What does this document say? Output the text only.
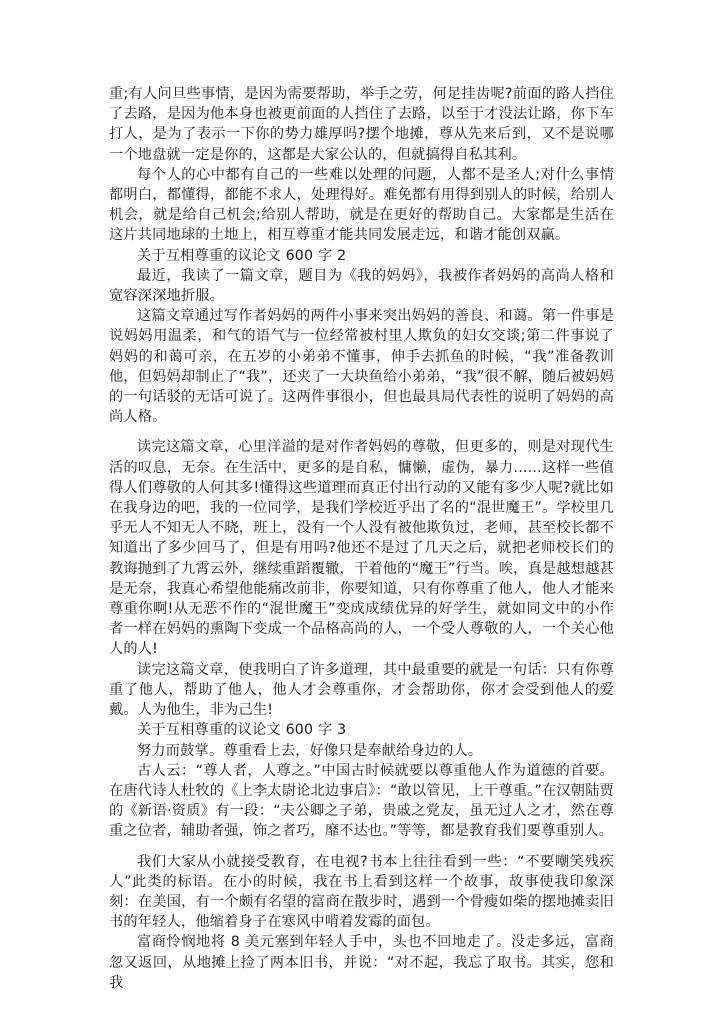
重;有人问旦些事情，是因为需要帮助，举手之劳，何足挂齿呢?前面的路人挡住了去路，是因为他本身也被更前面的人挡住了去路，以至于才没法让路，你下车打人，是为了表示一下你的势力雄厚吗?摆个地摊，尊从先来后到，又不是说哪一个地盘就一定是你的，这都是大家公认的，但就搞得自私其利。

每个人的心中都有自己的一些难以处理的问题，人都不是圣人;对什么事情都明白，都懂得，都能不求人，处理得好。难免都有用得到别人的时候，给别人机会，就是给自己机会;给别人帮助，就是在更好的帮助自己。大家都是生活在这片共同地球的土地上，相互尊重才能共同发展走远，和谐才能创双赢。

关于互相尊重的议论文 600 字 2

最近，我读了一篇文章，题目为《我的妈妈》，我被作者妈妈的高尚人格和宽容深深地折服。

这篇文章通过写作者妈妈的两件小事来突出妈妈的善良、和蔼。第一件事是说妈妈用温柔，和气的语气与一位经常被村里人欺负的妇女交谈;第二件事说了妈妈的和蔼可亲，在五岁的小弟弟不懂事，伸手去抓鱼的时候，“我”准备教训他，但妈妈却制止了“我”，还夹了一大块鱼给小弟弟，“我”很不解，随后被妈妈的一句话驳的无话可说了。这两件事很小，但也最具局代表性的说明了妈妈的高尚人格。

读完这篇文章，心里洋溢的是对作者妈妈的尊敬，但更多的，则是对现代生活的叹息，无奈。在生活中，更多的是自私，慵懒，虚伪，暴力......这样一些值得人们尊敬的人何其多!懂得这些道理而真正付出行动的又能有多少人呢?就比如在我身边的吧，我的一位同学，是我们学校近乎出了名的“混世魔王”。学校里几乎无人不知无人不晓，班上，没有一个人没有被他欺负过，老师，甚至校长都不知道出了多少回马了，但是有用吗?他还不是过了几天之后，就把老师校长们的教诲抛到了九霄云外，继续重蹈覆辙，干着他的“魔王”行当。唉，真是越想越甚是无奈，我真心希望他能痛改前非，你要知道，只有你尊重了他人，他人才能来尊重你啊!从无恶不作的“混世魔王”变成成绩优异的好学生，就如同文中的小作者一样在妈妈的熏陶下变成一个品格高尚的人，一个受人尊敬的人，一个关心他人的人!

读完这篇文章，使我明白了许多道理，其中最重要的就是一句话：只有你尊重了他人，帮助了他人，他人才会尊重你，才会帮助你，你才会受到他人的爱戴。人为他生，非为己生!

关于互相尊重的议论文 600 字 3

努力而鼓掌。尊重看上去，好像只是奉献给身边的人。

古人云：“尊人者，人尊之。”中国古时候就要以尊重他人作为道德的首要。在唐代诗人杜牧的《上李太尉论北边事启》：“敢以管见，上干尊重。”在汉朝陆贾的《新语·资质》有一段：“夫公卿之子弟，贵戚之党友，虽无过人之才，然在尊重之位者，辅助者强，饰之者巧，靡不达也。”等等，都是教育我们要尊重别人。

我们大家从小就接受教育，在电视?书本上往往看到一些：“不要嘲笑残疾人”此类的标语。在小的时候，我在书上看到这样一个故事，故事使我印象深刻：在美国，有一个颇有名望的富商在散步时，遇到一个骨瘦如柴的摆地摊卖旧书的年轻人，他缩着身子在寒风中啃着发霉的面包。

富商怜悯地将 8 美元塞到年轻人手中，头也不回地走了。没走多远，富商忽又返回，从地摊上捡了两本旧书，并说：“对不起，我忘了取书。其实，您和我
